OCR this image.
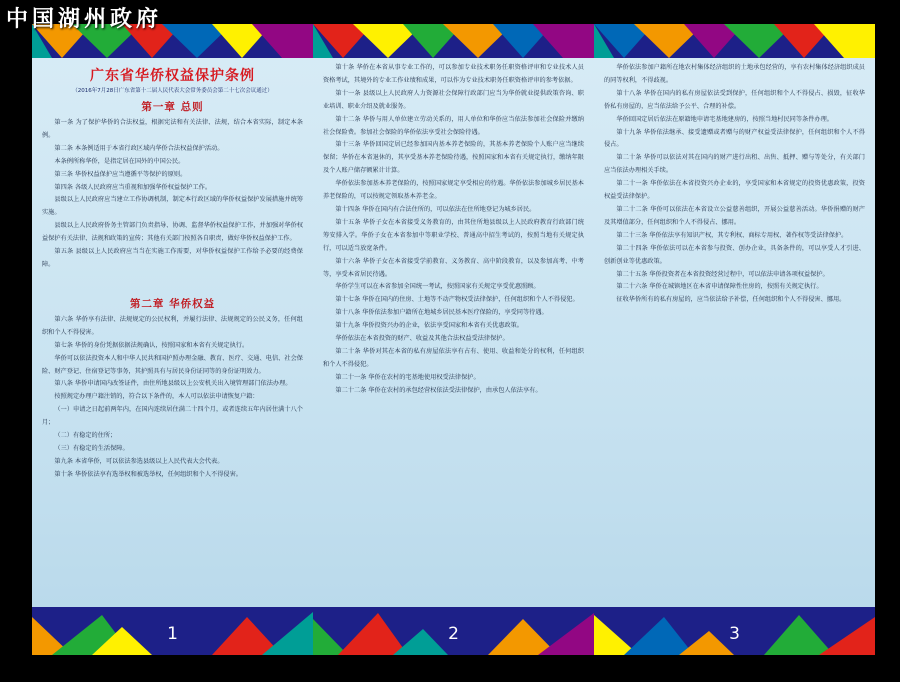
中国湖州政府
广东省华侨权益保护条例
（2016年7月28日广东省第十二届人民代表大会常务委员会第二十七次会议通过）
第一章 总则

第一条 为了保护华侨的合法权益，根据宪法和有关法律、法规，结合本省实际，制定本条例。

第二条 本条例适用于本省行政区域内华侨合法权益保护活动。

本条例所称华侨，是指定居在国外的中国公民。

第三条 华侨权益保护应当遵循平等保护的原则。

第四条 各级人民政府应当重视和加强华侨权益保护工作。

县级以上人民政府应当建立工作协调机制，制定本行政区域的华侨权益保护发展措施并统筹实施。

县级以上人民政府侨务主管部门负责指导、协调、监督华侨权益保护工作，并加强对华侨权益保护有关法律、法规和政策的宣传；其他有关部门按照各自职责，做好华侨权益保护工作。

第五条 县级以上人民政府应当当在实施工作需要，对华侨权益保护工作给予必要的经费保障。

第二章 华侨权益

第六条 华侨享有法律、法规规定的公民权利，并履行法律、法规规定的公民义务，任何组织和个人不得侵害。

第七条 华侨的身份凭据依据法规确认，按照国家和本省有关规定执行。

华侨可以依法投资本人和中华人民共和国护照办理金融、教育、医疗、交通、电信、社会保险、财产登记、住宿登记等事务，其护照具有与居民身份证同等的身份证明效力。

第八条 华侨申请国内改签证件，由住所地县级以上公安机关出入境管理部门依法办理。

按照规定办理户籍注销的，符合以下条件的，本人可以依法申请恢复户籍：

（一）申请之日起前两年内，在国内连续居住满二十四个月，或者连续五年内居住满十八个月；

（二）有稳定的住所；

（三）有稳定的生活保障。

第九条 本省华侨，可以依法参选县级以上人民代表大会代表。

第十条 华侨依法享有选举权和被选举权，任何组织和个人不得侵害。

1

第十条 华侨在本省从事专业工作的，可以参加专业技术职务任职资格评审和专业技术人员资格考试，其境外的专业工作业绩和成果，可以作为专业技术职务任职资格评审的参考依据。

第十一条 县级以上人民政府人力资源社会保障行政部门应当为华侨就业提供政策咨询、职业培训、职业介绍及就业服务。

第十二条 华侨与用人单位建立劳动关系的，用人单位和华侨应当依法参加社会保险并缴纳社会保险费。参加社会保险的华侨依法享受社会保险待遇。

第十三条 华侨回国定居已经参加国内基本养老保险的，其基本养老保险个人账户应当继续保留；华侨在本省退休的，其享受基本养老保险待遇，按照国家和本省有关规定执行，缴纳年限及个人账户储存额累计计算。

华侨依法参加基本养老保险的，按照国家规定享受相应的待遇。华侨依法参加城乡居民基本养老保险的，可以按规定领取基本养老金。

第十四条 华侨在国内有合法住所的，可以依法在住所地登记为城乡居民。

第十五条 华侨子女在本省接受义务教育的，由其住所地县级以上人民政府教育行政部门统筹安排入学。华侨子女在本省参加中等职业学校、普通高中招生考试的，按照当地有关规定执行，可以适当放宽条件。

第十六条 华侨子女在本省接受学前教育、义务教育、高中阶段教育，以及参加高考、中考等，享受本省居民待遇。

华侨学生可以在本省参加全国统一考试，按照国家有关规定享受优惠照顾。

第十七条 华侨在国内的住房、土地等不动产物权受法律保护，任何组织和个人不得侵犯。

第十八条 华侨依法参加户籍所在地城乡居民基本医疗保险的，享受同等待遇。

第十九条 华侨投资兴办的企业，依法享受国家和本省有关优惠政策。

华侨依法在本省投资的财产、收益及其他合法权益受法律保护。

第二十条 华侨对其在本省的私有房屋依法享有占有、使用、收益和处分的权利，任何组织和个人不得侵犯。

第二十一条 华侨在农村的宅基地使用权受法律保护。

第二十二条 华侨在农村的承包经营权依法受法律保护，由承包人依法享有。

2

华侨依法参加户籍所在地农村集体经济组织的土地承包经营的，享有农村集体经济组织成员的同等权利，不得歧视。

第十八条 华侨在国内的私有房屋依法受到保护，任何组织和个人不得侵占、损毁，征收华侨私有房屋的，应当依法给予公平、合理的补偿。

华侨回国定居后依法在原籍地申请宅基地建房的，按照当地村民同等条件办理。

第十九条 华侨依法继承、接受遗赠或者赠与的财产权益受法律保护，任何组织和个人不得侵占。

第二十条 华侨可以依法对其在国内的财产进行出租、出售、抵押、赠与等处分，有关部门应当依法办理相关手续。

第二十一条 华侨依法在本省投资兴办企业的，享受国家和本省规定的投资优惠政策，投资权益受法律保护。

第二十二条 华侨可以依法在本省设立公益慈善组织，开展公益慈善活动。华侨捐赠的财产及其增值部分，任何组织和个人不得侵占、挪用。

第二十三条 华侨依法享有知识产权，其专利权、商标专用权、著作权等受法律保护。

第二十四条 华侨依法可以在本省参与投资、创办企业，具备条件的，可以享受人才引进、创新创业等优惠政策。

第二十五条 华侨投资者在本省投资经营过程中，可以依法申请各项权益保护。

第二十六条 华侨在城镇地区在本省申请保障性住房的，按照有关规定执行。

征收华侨所有的私有房屋的，应当依法给予补偿，任何组织和个人不得侵害、挪用。

3
